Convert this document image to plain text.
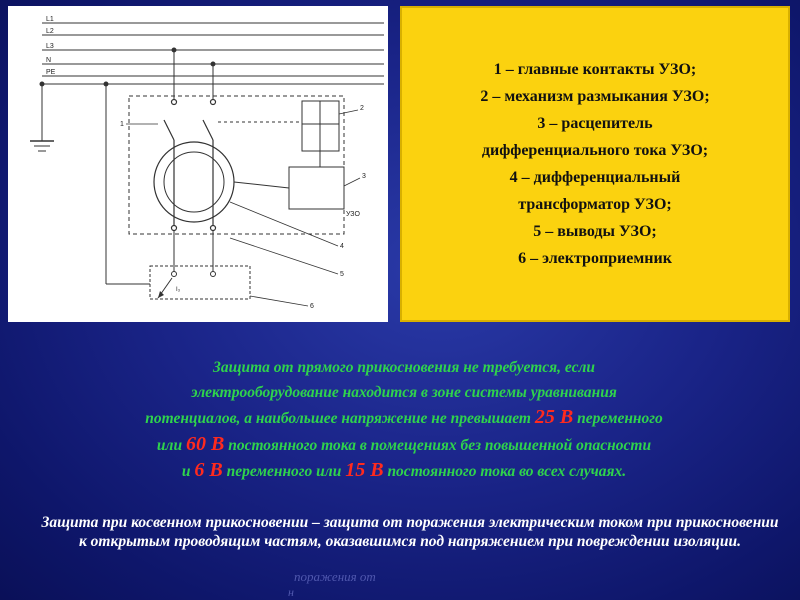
L1
L2
L3
N
PE
I₃
1
2
3
4
5
6
УЗО
1 – главные контакты УЗО;
2 – механизм размыкания УЗО;
3 – расцепитель
дифференциального тока УЗО;
4 – дифференциальный
трансформатор УЗО;
5 – выводы УЗО;
6 – электроприемник

Защита от прямого прикосновения не требуется, если
электрооборудование находится в зоне системы уравнивания
потенциалов, а наибольшее напряжение не превышает 25 В переменного
или 60 В постоянного тока в помещениях без повышенной опасности
и 6 В переменного или 15 В постоянного тока во всех случаях.

Защита при косвенном прикосновении – защита от поражения электрическим током при прикосновении к открытым проводящим частям, оказавшимся под напряжением при повреждении изоляции.

поражения от
н
